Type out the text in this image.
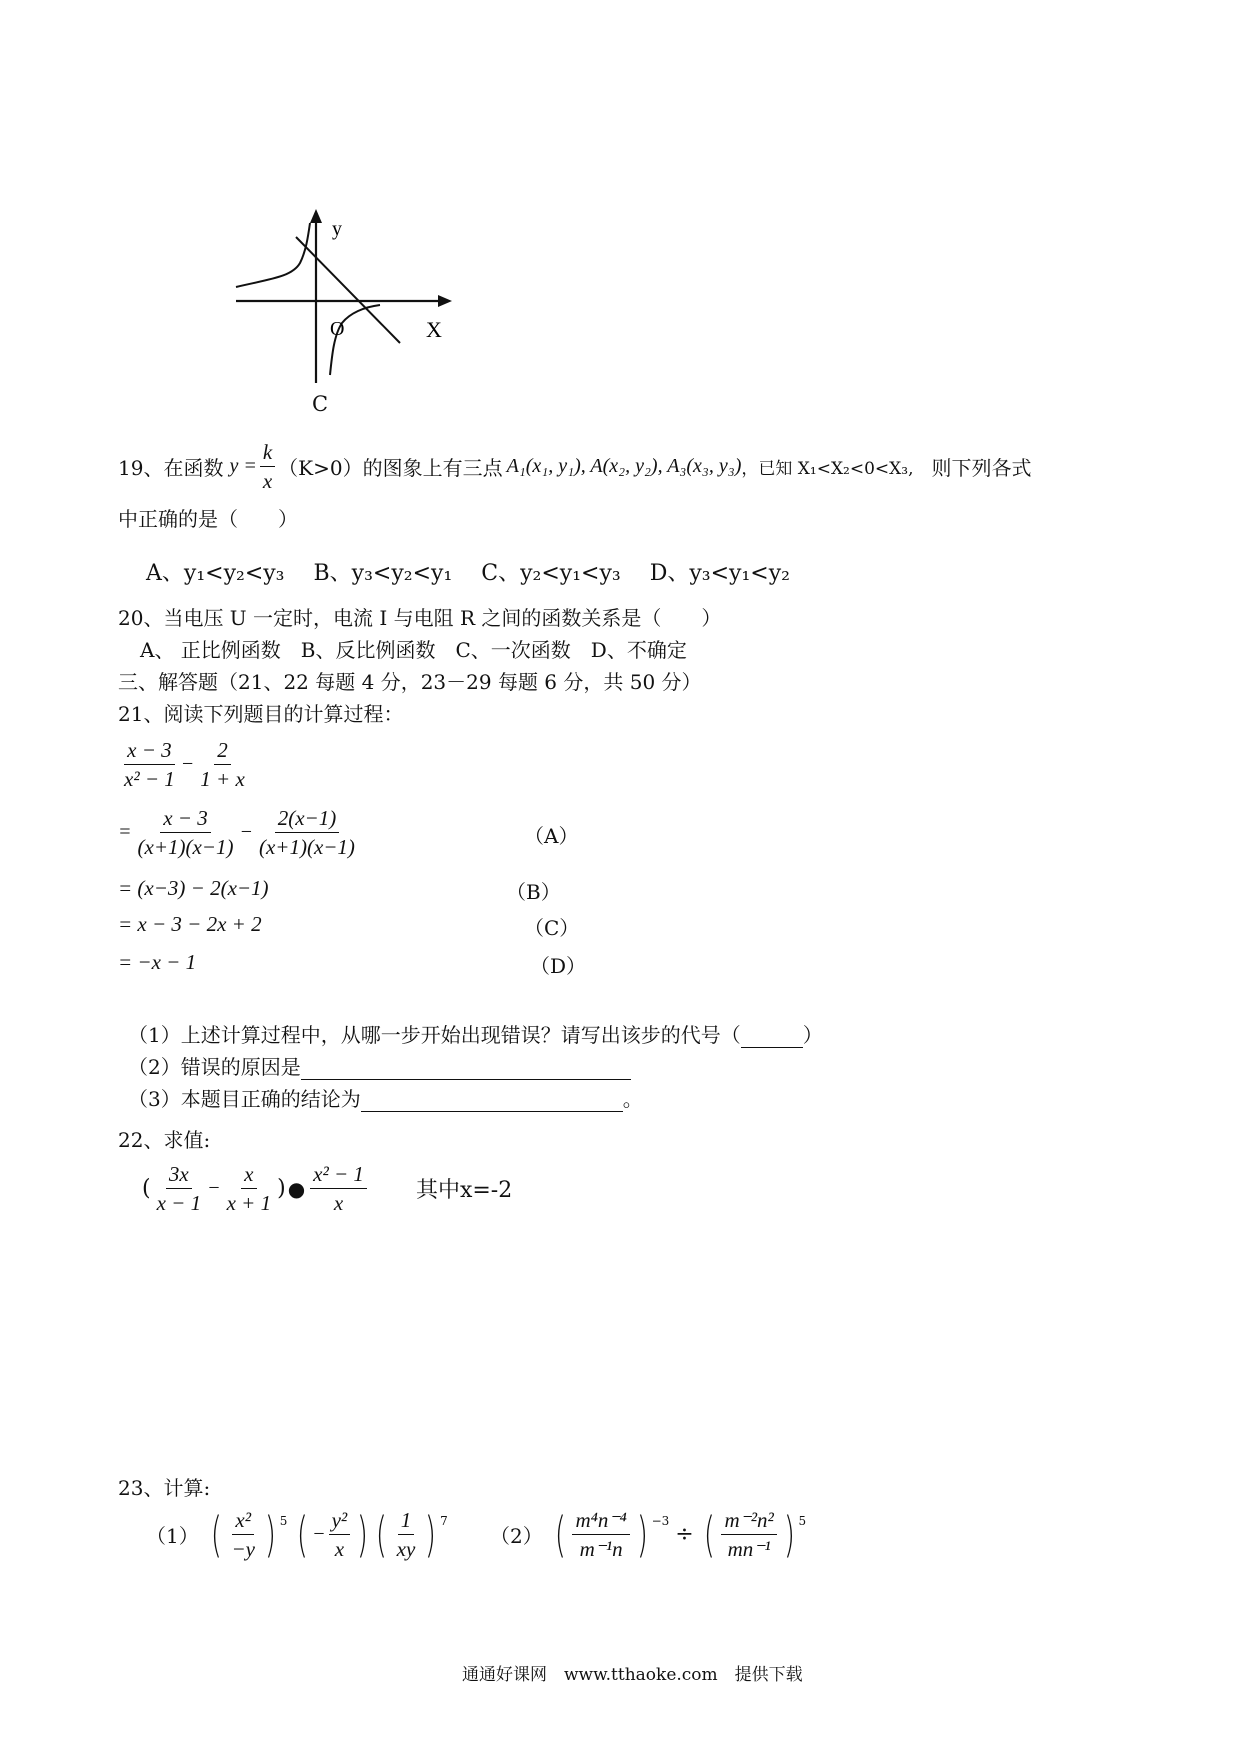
y
X
O
C
19、在函数 $y = \frac{k}{x} (K>0)$的图象上有三点 A₁(x₁, y₁), A(x₂, y₂), A₃(x₃, y₃) ，已知 X₁<X₂<0<X₃, 则下列各式
中正确的是（　　）
A、y₁<y₂<y₃ B、y₃<y₂<y₁ C、y₂<y₁<y₃ D、y₃<y₁<y₂
20、当电压 U 一定时，电流 I 与电阻 R 之间的函数关系是（　　）
A、 正比例函数　B、反比例函数　C、一次函数　D、不确定
三、解答题（21、22 每题 4 分，23－29 每题 6 分，共 50 分）
21、阅读下列题目的计算过程：
$\frac{x - 3}{\text{x² − 1}} - \frac{2}{1 + x}$
= $\frac{x - 3}{(x+1)(x-1)} - \frac{2(x-1)}{(x+1)(x-1)}$	（A）
= (x−3) − 2(x−1)	（B）
= x − 3 − 2x + 2	（C）
= −x − 1	（D）
（1）上述计算过程中，从哪一步开始出现错误？请写出该步的代号（	）
（2）错误的原因是
（3）本题目正确的结论为	。
22、求值:
( $\frac{3x}{x - 1} - \frac{x}{x + 1}$ ) ● $\frac{\text{x² − 1}}{x}$ 其中x=-2
23、计算:
（1） ( $\frac{\text{x²}}{-y}$ ) $^5$ ( − $\frac{\text{y²}}{x}$ ) ( $\frac{1}{xy}$ ) $^7$
（2） ( $\frac{\text{m⁴n⁻⁴}}{\text{m⁻¹n}}$ ) $^{-3}$
÷ ( $\frac{\text{m⁻²n²}}{\text{mn⁻¹}}$ ) $^5$
通通好课网　www.tthaoke.com　提供下载
